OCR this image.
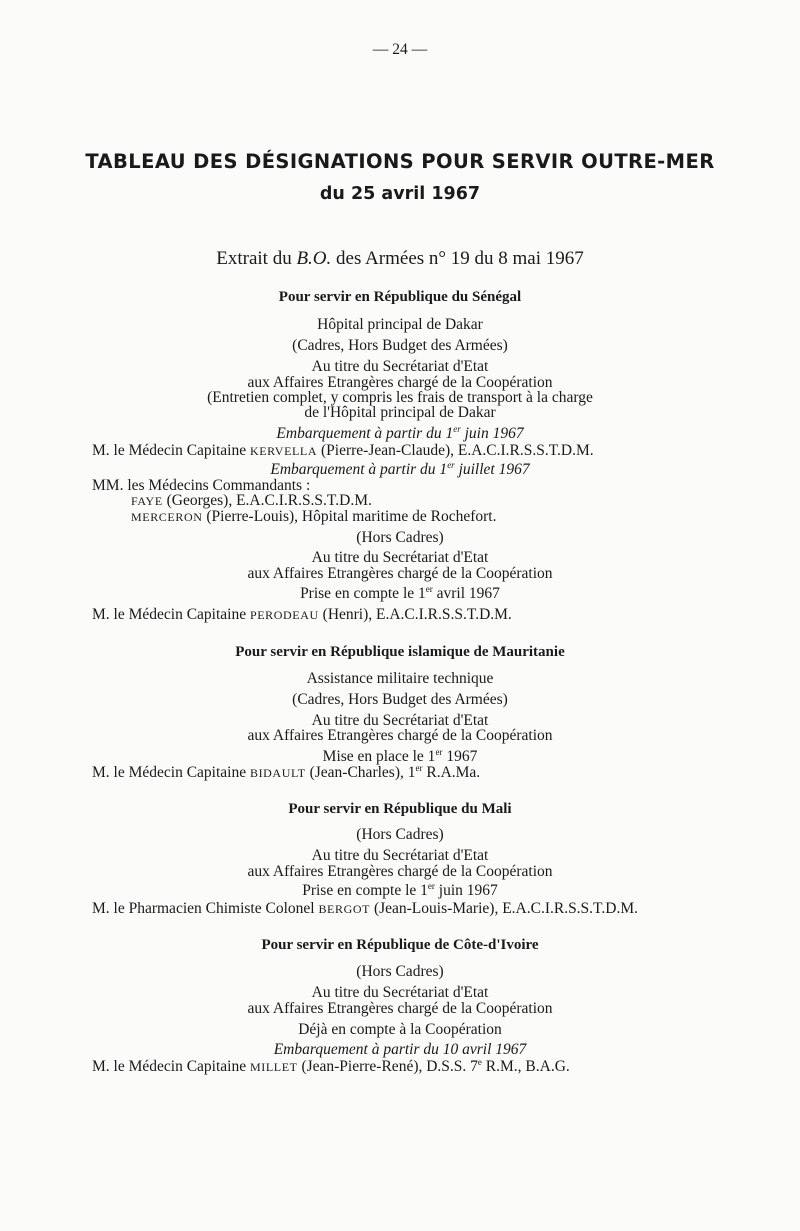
— 24 —
TABLEAU DES DÉSIGNATIONS POUR SERVIR OUTRE-MER
du 25 avril 1967
Extrait du B.O. des Armées n° 19 du 8 mai 1967
Pour servir en République du Sénégal
Hôpital principal de Dakar
(Cadres, Hors Budget des Armées)
Au titre du Secrétariat d'Etat
aux Affaires Etrangères chargé de la Coopération
(Entretien complet, y compris les frais de transport à la charge
de l'Hôpital principal de Dakar
Embarquement à partir du 1er juin 1967
M. le Médecin Capitaine KERVELLA (Pierre-Jean-Claude), E.A.C.I.R.S.S.T.D.M.
Embarquement à partir du 1er juillet 1967
MM. les Médecins Commandants :
FAYE (Georges), E.A.C.I.R.S.S.T.D.M.
MERCERON (Pierre-Louis), Hôpital maritime de Rochefort.
(Hors Cadres)
Au titre du Secrétariat d'Etat
aux Affaires Etrangères chargé de la Coopération
Prise en compte le 1er avril 1967
M. le Médecin Capitaine PERODEAU (Henri), E.A.C.I.R.S.S.T.D.M.
Pour servir en République islamique de Mauritanie
Assistance militaire technique
(Cadres, Hors Budget des Armées)
Au titre du Secrétariat d'Etat
aux Affaires Etrangères chargé de la Coopération
Mise en place le 1er 1967
M. le Médecin Capitaine BIDAULT (Jean-Charles), 1er R.A.Ma.
Pour servir en République du Mali
(Hors Cadres)
Au titre du Secrétariat d'Etat
aux Affaires Etrangères chargé de la Coopération
Prise en compte le 1er juin 1967
M. le Pharmacien Chimiste Colonel BERGOT (Jean-Louis-Marie), E.A.C.I.R.S.S.T.D.M.
Pour servir en République de Côte-d'Ivoire
(Hors Cadres)
Au titre du Secrétariat d'Etat
aux Affaires Etrangères chargé de la Coopération
Déjà en compte à la Coopération
Embarquement à partir du 10 avril 1967
M. le Médecin Capitaine MILLET (Jean-Pierre-René), D.S.S. 7e R.M., B.A.G.
